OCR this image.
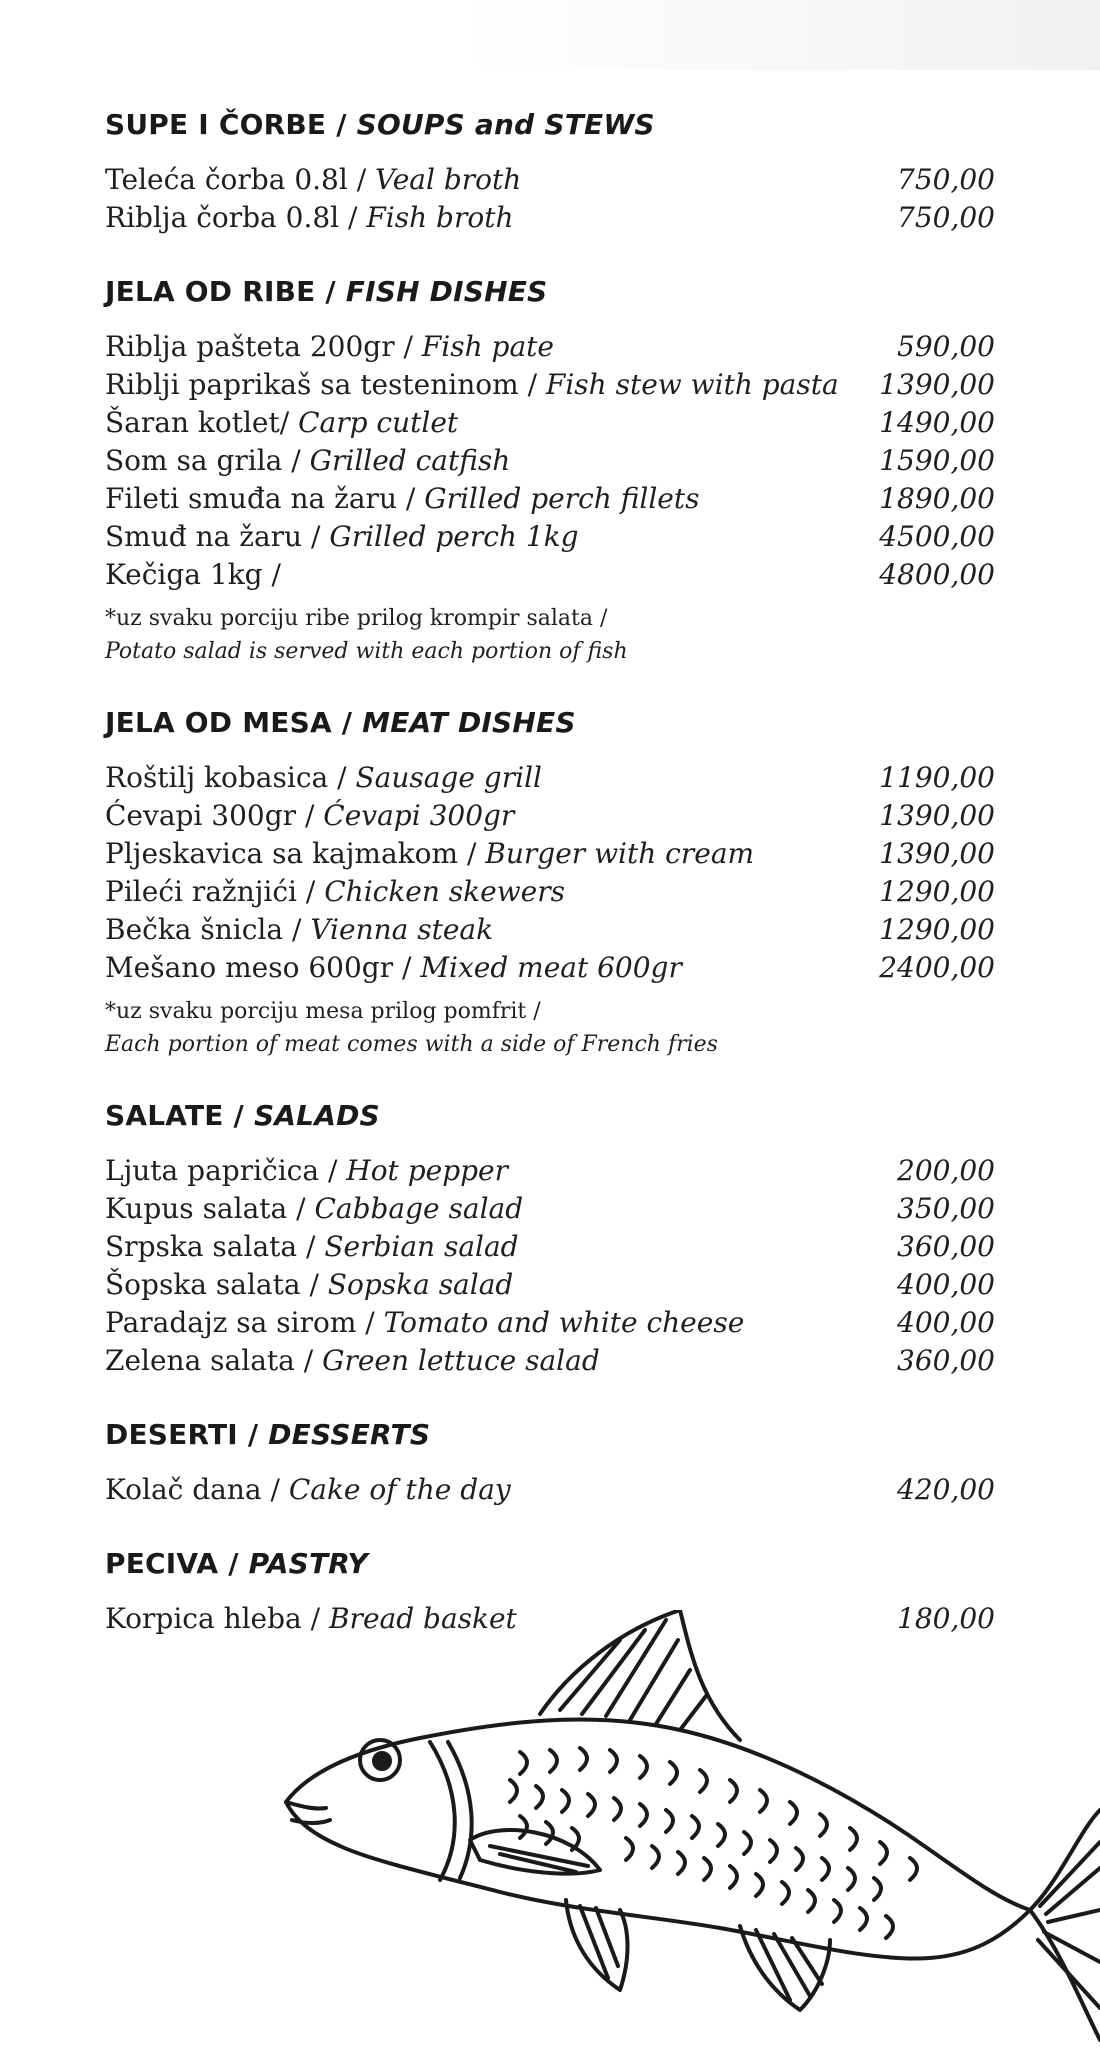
SUPE I ČORBE / SOUPS and STEWS
Teleća čorba 0.8l / Veal broth	750,00
Riblja čorba 0.8l / Fish broth	750,00
JELA OD RIBE / FISH DISHES
Riblja pašteta 200gr / Fish pate	590,00
Riblji paprikaš sa testeninom / Fish stew with pasta	1390,00
Šaran kotlet/ Carp cutlet	1490,00
Som sa grila / Grilled catfish	1590,00
Fileti smuđa na žaru / Grilled perch fillets	1890,00
Smuđ na žaru / Grilled perch 1kg	4500,00
Kečiga 1kg /	4800,00
*uz svaku porciju ribe prilog krompir salata /
Potato salad is served with each portion of fish
JELA OD MESA / MEAT DISHES
Roštilj kobasica / Sausage grill	1190,00
Ćevapi 300gr / Ćevapi 300gr	1390,00
Pljeskavica sa kajmakom / Burger with cream	1390,00
Pileći ražnjići / Chicken skewers	1290,00
Bečka šnicla / Vienna steak	1290,00
Mešano meso 600gr / Mixed meat 600gr	2400,00
*uz svaku porciju mesa prilog pomfrit /
Each portion of meat comes with a side of French fries
SALATE / SALADS
Ljuta papričica / Hot pepper	200,00
Kupus salata / Cabbage salad	350,00
Srpska salata / Serbian salad	360,00
Šopska salata / Sopska salad	400,00
Paradajz sa sirom / Tomato and white cheese	400,00
Zelena salata / Green lettuce salad	360,00
DESERTI / DESSERTS
Kolač dana / Cake of the day	420,00
PECIVA / PASTRY
Korpica hleba / Bread basket	180,00
